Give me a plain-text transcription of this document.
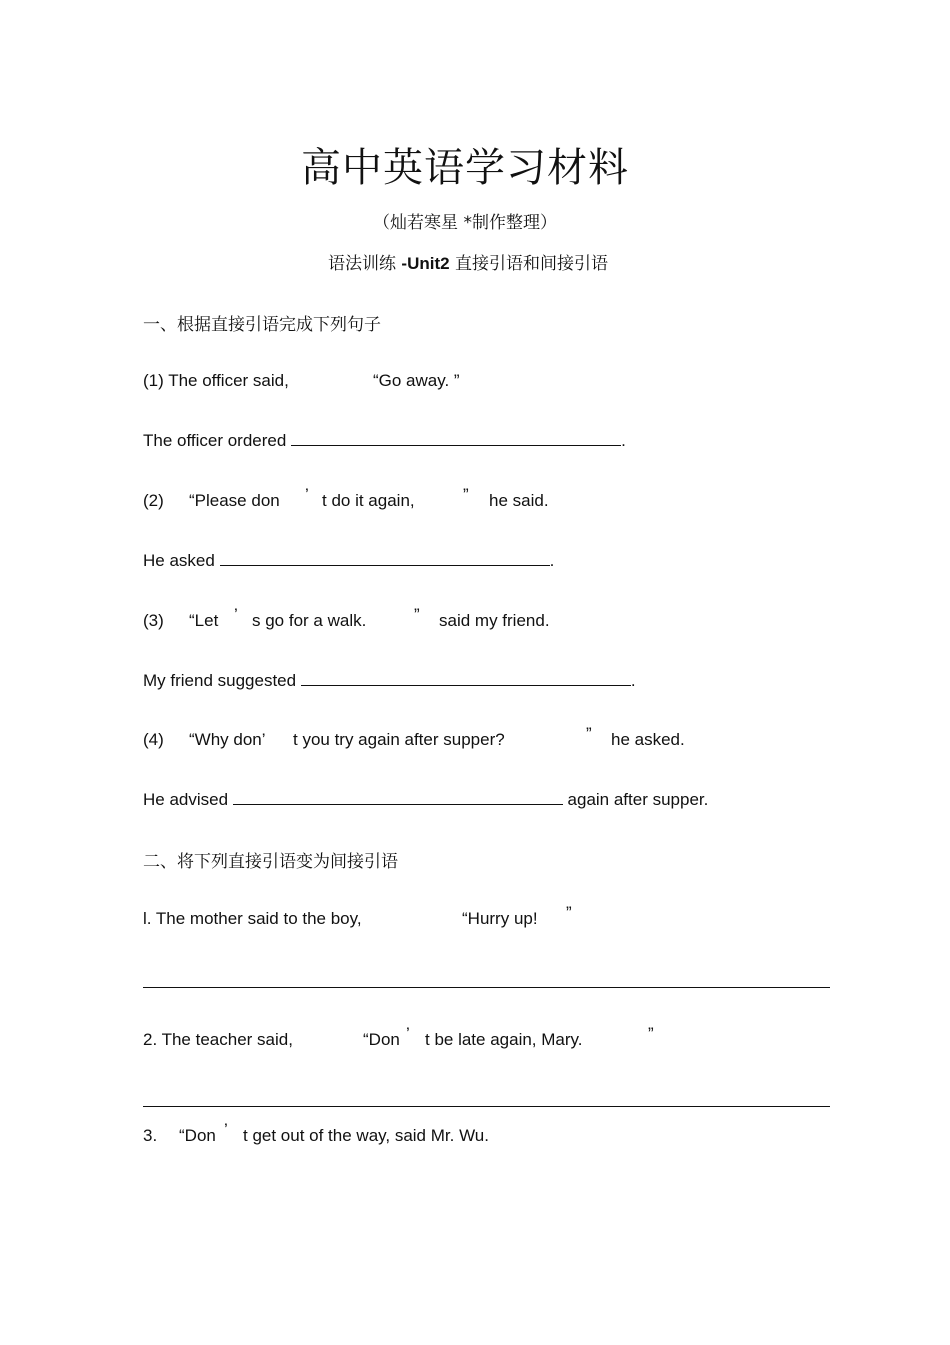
高中英语学习材料
（灿若寒星 *制作整理）
语法训练 -Unit2 直接引语和间接引语
一、根据直接引语完成下列句子
(1) The officer said,	“Go away. ”
The officer ordered	.
(2) “Please don ’ t do it again,	” he said.
He asked	.
(3) “Let ’ s go for a walk.	” said my friend.
My friend suggested	.
(4) “Why don’ t you try again after supper?	” he asked.
He advised	again after supper.
二、将下列直接引语变为间接引语
l. The mother said to the boy,	“Hurry up! ”
2. The teacher said,	“Don ’ t be late again, Mary.	”
3. “Don ’ t get out of the way, said Mr. Wu.
